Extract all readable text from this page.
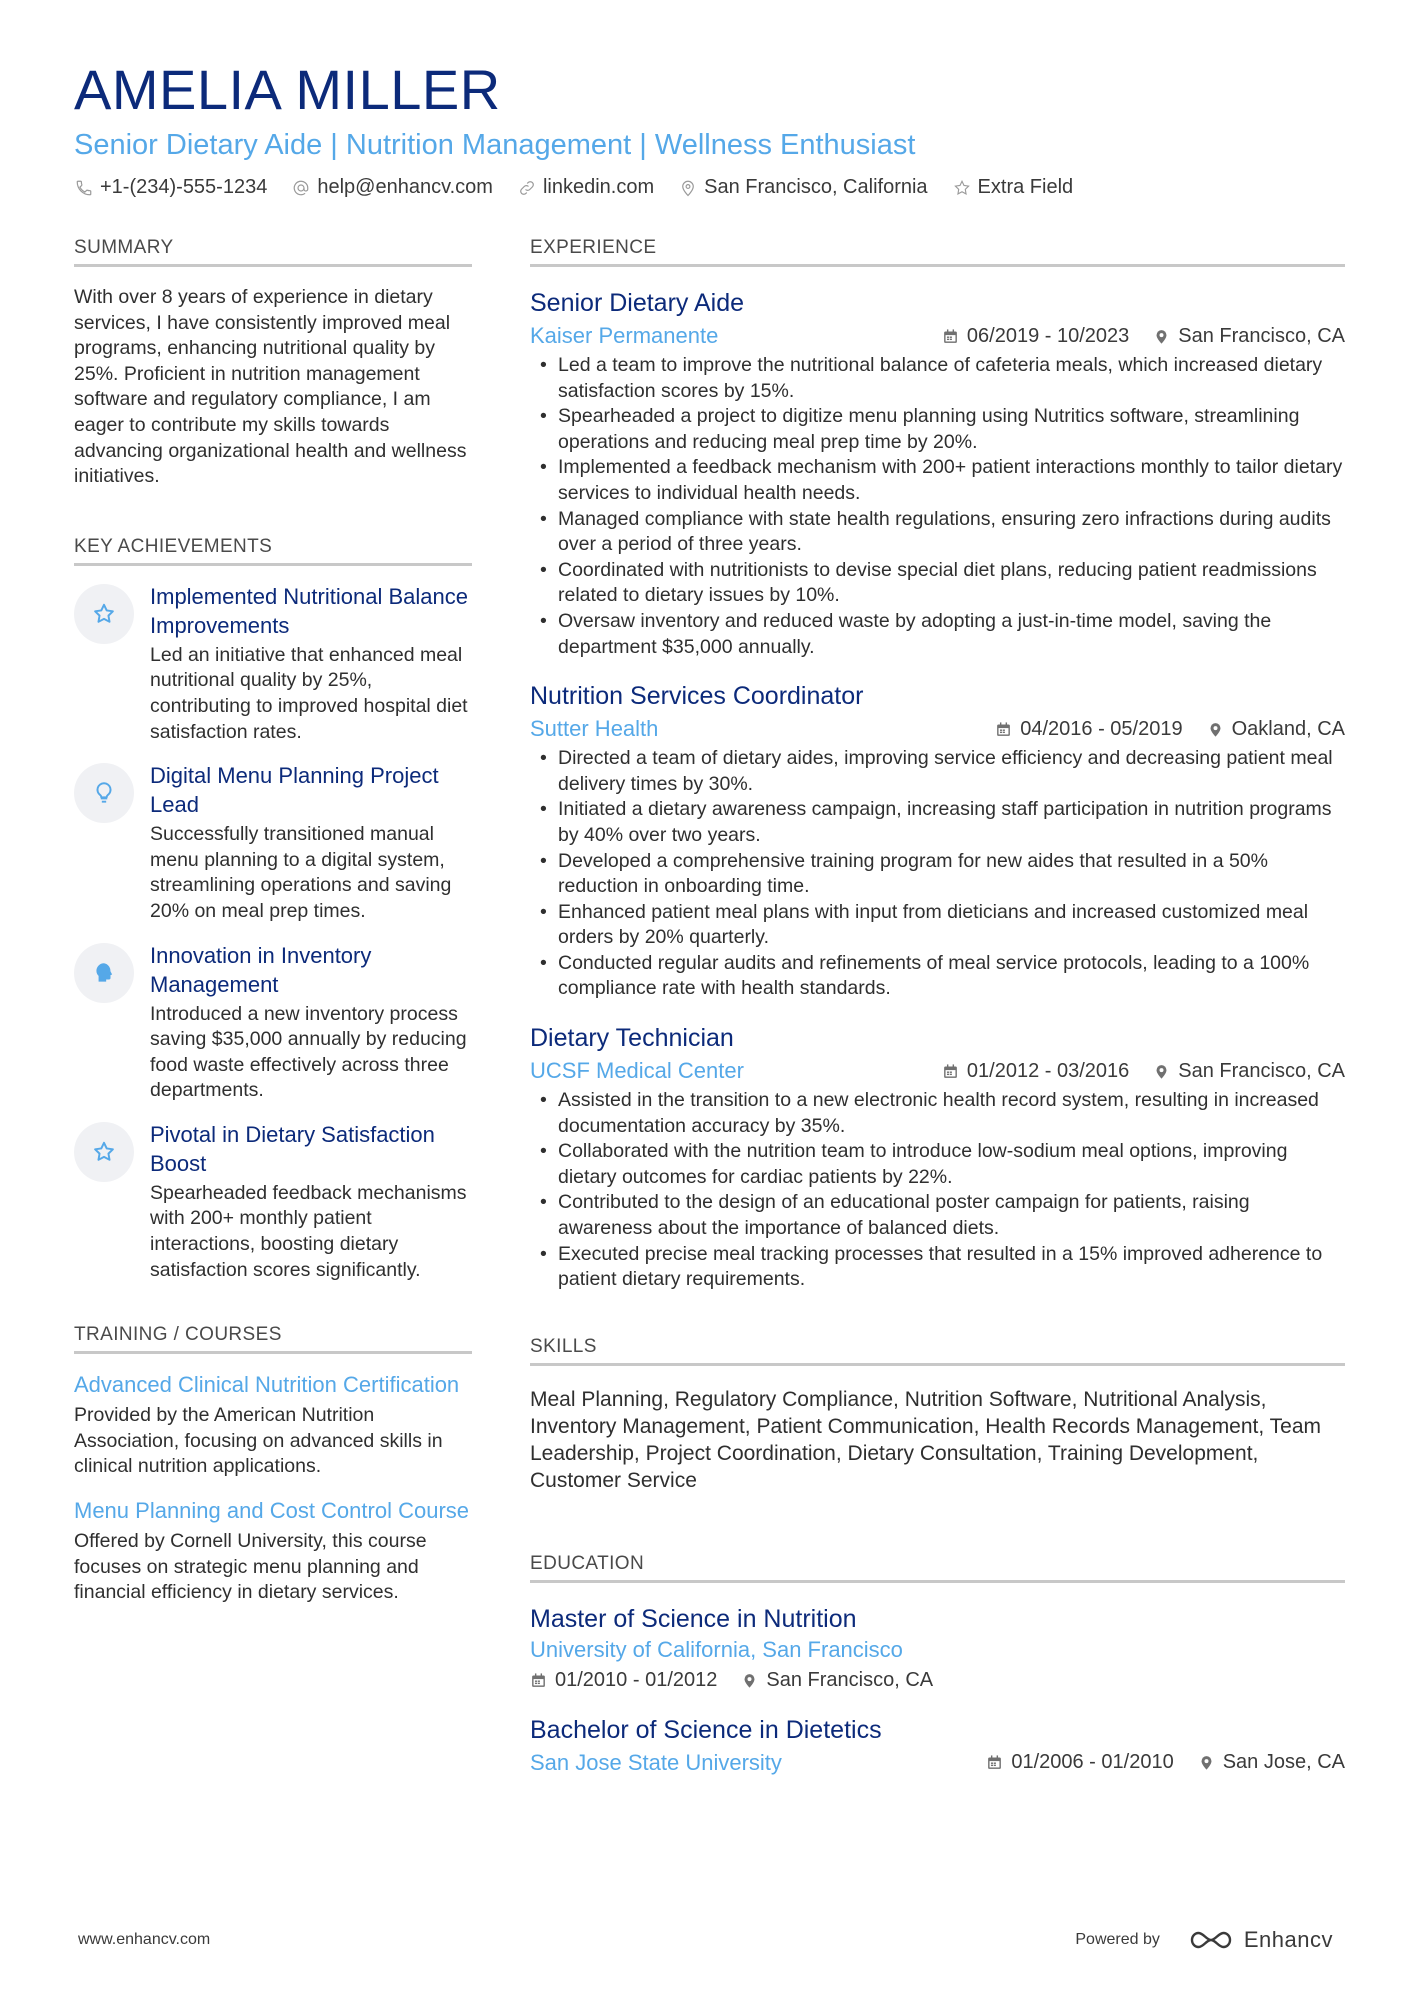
AMELIA MILLER
Senior Dietary Aide | Nutrition Management | Wellness Enthusiast
+1-(234)-555-1234	help@enhancv.com	linkedin.com	San Francisco, California	Extra Field
SUMMARY

With over 8 years of experience in dietary services, I have consistently improved meal programs, enhancing nutritional quality by 25%. Proficient in nutrition management software and regulatory compliance, I am eager to contribute my skills towards advancing organizational health and wellness initiatives.

KEY ACHIEVEMENTS
Implemented Nutritional Balance Improvements
Led an initiative that enhanced meal nutritional quality by 25%, contributing to improved hospital diet satisfaction rates.
Digital Menu Planning Project Lead
Successfully transitioned manual menu planning to a digital system, streamlining operations and saving 20% on meal prep times.
Innovation in Inventory Management
Introduced a new inventory process saving $35,000 annually by reducing food waste effectively across three departments.
Pivotal in Dietary Satisfaction Boost
Spearheaded feedback mechanisms with 200+ monthly patient interactions, boosting dietary satisfaction scores significantly.
TRAINING / COURSES
Advanced Clinical Nutrition Certification
Provided by the American Nutrition Association, focusing on advanced skills in clinical nutrition applications.
Menu Planning and Cost Control Course
Offered by Cornell University, this course focuses on strategic menu planning and financial efficiency in dietary services.
EXPERIENCE
Senior Dietary Aide
Kaiser Permanente	06/2019 - 10/2023 San Francisco, CA
• Led a team to improve the nutritional balance of cafeteria meals, which increased dietary satisfaction scores by 15%.
• Spearheaded a project to digitize menu planning using Nutritics software, streamlining operations and reducing meal prep time by 20%.
• Implemented a feedback mechanism with 200+ patient interactions monthly to tailor dietary services to individual health needs.
• Managed compliance with state health regulations, ensuring zero infractions during audits over a period of three years.
• Coordinated with nutritionists to devise special diet plans, reducing patient readmissions related to dietary issues by 10%.
• Oversaw inventory and reduced waste by adopting a just-in-time model, saving the department $35,000 annually.
Nutrition Services Coordinator
Sutter Health	04/2016 - 05/2019 Oakland, CA
• Directed a team of dietary aides, improving service efficiency and decreasing patient meal delivery times by 30%.
• Initiated a dietary awareness campaign, increasing staff participation in nutrition programs by 40% over two years.
• Developed a comprehensive training program for new aides that resulted in a 50% reduction in onboarding time.
• Enhanced patient meal plans with input from dieticians and increased customized meal orders by 20% quarterly.
• Conducted regular audits and refinements of meal service protocols, leading to a 100% compliance rate with health standards.
Dietary Technician
UCSF Medical Center	01/2012 - 03/2016 San Francisco, CA
• Assisted in the transition to a new electronic health record system, resulting in increased documentation accuracy by 35%.
• Collaborated with the nutrition team to introduce low-sodium meal options, improving dietary outcomes for cardiac patients by 22%.
• Contributed to the design of an educational poster campaign for patients, raising awareness about the importance of balanced diets.
• Executed precise meal tracking processes that resulted in a 15% improved adherence to patient dietary requirements.
SKILLS

Meal Planning, Regulatory Compliance, Nutrition Software, Nutritional Analysis, Inventory Management, Patient Communication, Health Records Management, Team Leadership, Project Coordination, Dietary Consultation, Training Development, Customer Service

EDUCATION
Master of Science in Nutrition
University of California, San Francisco
01/2010 - 01/2012 San Francisco, CA
Bachelor of Science in Dietetics
San Jose State University	01/2006 - 01/2010 San Jose, CA
www.enhancv.com	Powered by	Enhancv
